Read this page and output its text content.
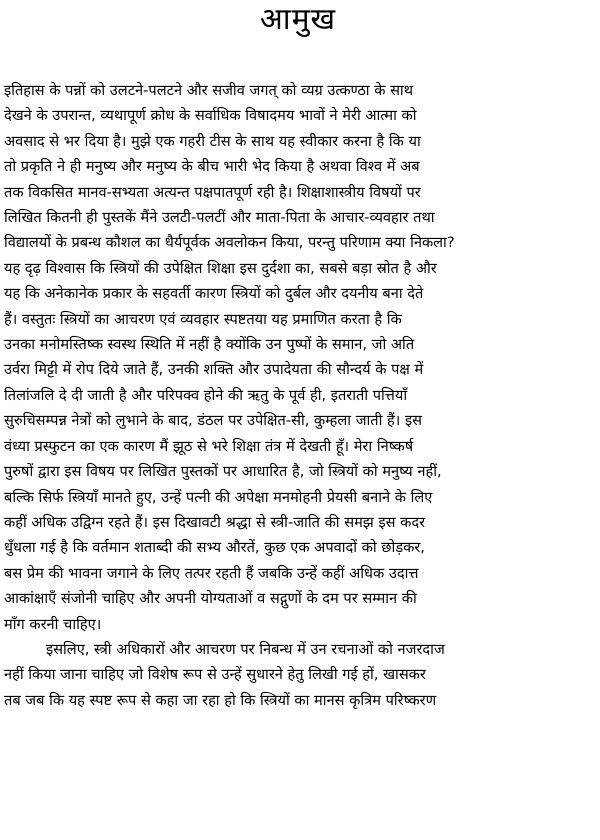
आमुख
इतिहास के पन्नों को उलटने-पलटने और सजीव जगत् को व्यग्र उत्कण्ठा के साथ
देखने के उपरान्त, व्यथापूर्ण क्रोध के सर्वाधिक विषादमय भावों ने मेरी आत्मा को
अवसाद से भर दिया है। मुझे एक गहरी टीस के साथ यह स्वीकार करना है कि या
तो प्रकृति ने ही मनुष्य और मनुष्य के बीच भारी भेद किया है अथवा विश्व में अब
तक विकसित मानव-सभ्यता अत्यन्त पक्षपातपूर्ण रही है। शिक्षाशास्त्रीय विषयों पर
लिखित कितनी ही पुस्तकें मैंने उलटी-पलटीं और माता-पिता के आचार-व्यवहार तथा
विद्यालयों के प्रबन्ध कौशल का धैर्यपूर्वक अवलोकन किया, परन्तु परिणाम क्या निकला?
यह दृढ़ विश्वास कि स्त्रियों की उपेक्षित शिक्षा इस दुर्दशा का, सबसे बड़ा स्रोत है और
यह कि अनेकानेक प्रकार के सहवर्ती कारण स्त्रियों को दुर्बल और दयनीय बना देते
हैं। वस्तुतः स्त्रियों का आचरण एवं व्यवहार स्पष्टतया यह प्रमाणित करता है कि
उनका मनोमस्तिष्क स्वस्थ स्थिति में नहीं है क्योंकि उन पुष्पों के समान, जो अति
उर्वरा मिट्टी में रोप दिये जाते हैं, उनकी शक्ति और उपादेयता की सौन्दर्य के पक्ष में
तिलांजलि दे दी जाती है और परिपक्व होने की ऋतु के पूर्व ही, इतराती पत्तियाँ
सुरुचिसम्पन्न नेत्रों को लुभाने के बाद, डंठल पर उपेक्षित-सी, कुम्हला जाती हैं। इस
वंध्या प्रस्फुटन का एक कारण मैं झूठ से भरे शिक्षा तंत्र में देखती हूँ। मेरा निष्कर्ष
पुरुषों द्वारा इस विषय पर लिखित पुस्तकों पर आधारित है, जो स्त्रियों को मनुष्य नहीं,
बल्कि सिर्फ स्त्रियाँ मानते हुए, उन्हें पत्नी की अपेक्षा मनमोहनी प्रेयसी बनाने के लिए
कहीं अधिक उद्विग्न रहते हैं। इस दिखावटी श्रद्धा से स्त्री-जाति की समझ इस कदर
धुँधला गई है कि वर्तमान शताब्दी की सभ्य औरतें, कुछ एक अपवादों को छोड़कर,
बस प्रेम की भावना जगाने के लिए तत्पर रहती हैं जबकि उन्हें कहीं अधिक उदात्त
आकांक्षाएँ संजोनी चाहिए और अपनी योग्यताओं व सद्गुणों के दम पर सम्मान की
माँग करनी चाहिए।
इसलिए, स्त्री अधिकारों और आचरण पर निबन्ध में उन रचनाओं को नजरदाज
नहीं किया जाना चाहिए जो विशेष रूप से उन्हें सुधारने हेतु लिखी गई हों, खासकर
तब जब कि यह स्पष्ट रूप से कहा जा रहा हो कि स्त्रियों का मानस कृत्रिम परिष्करण
